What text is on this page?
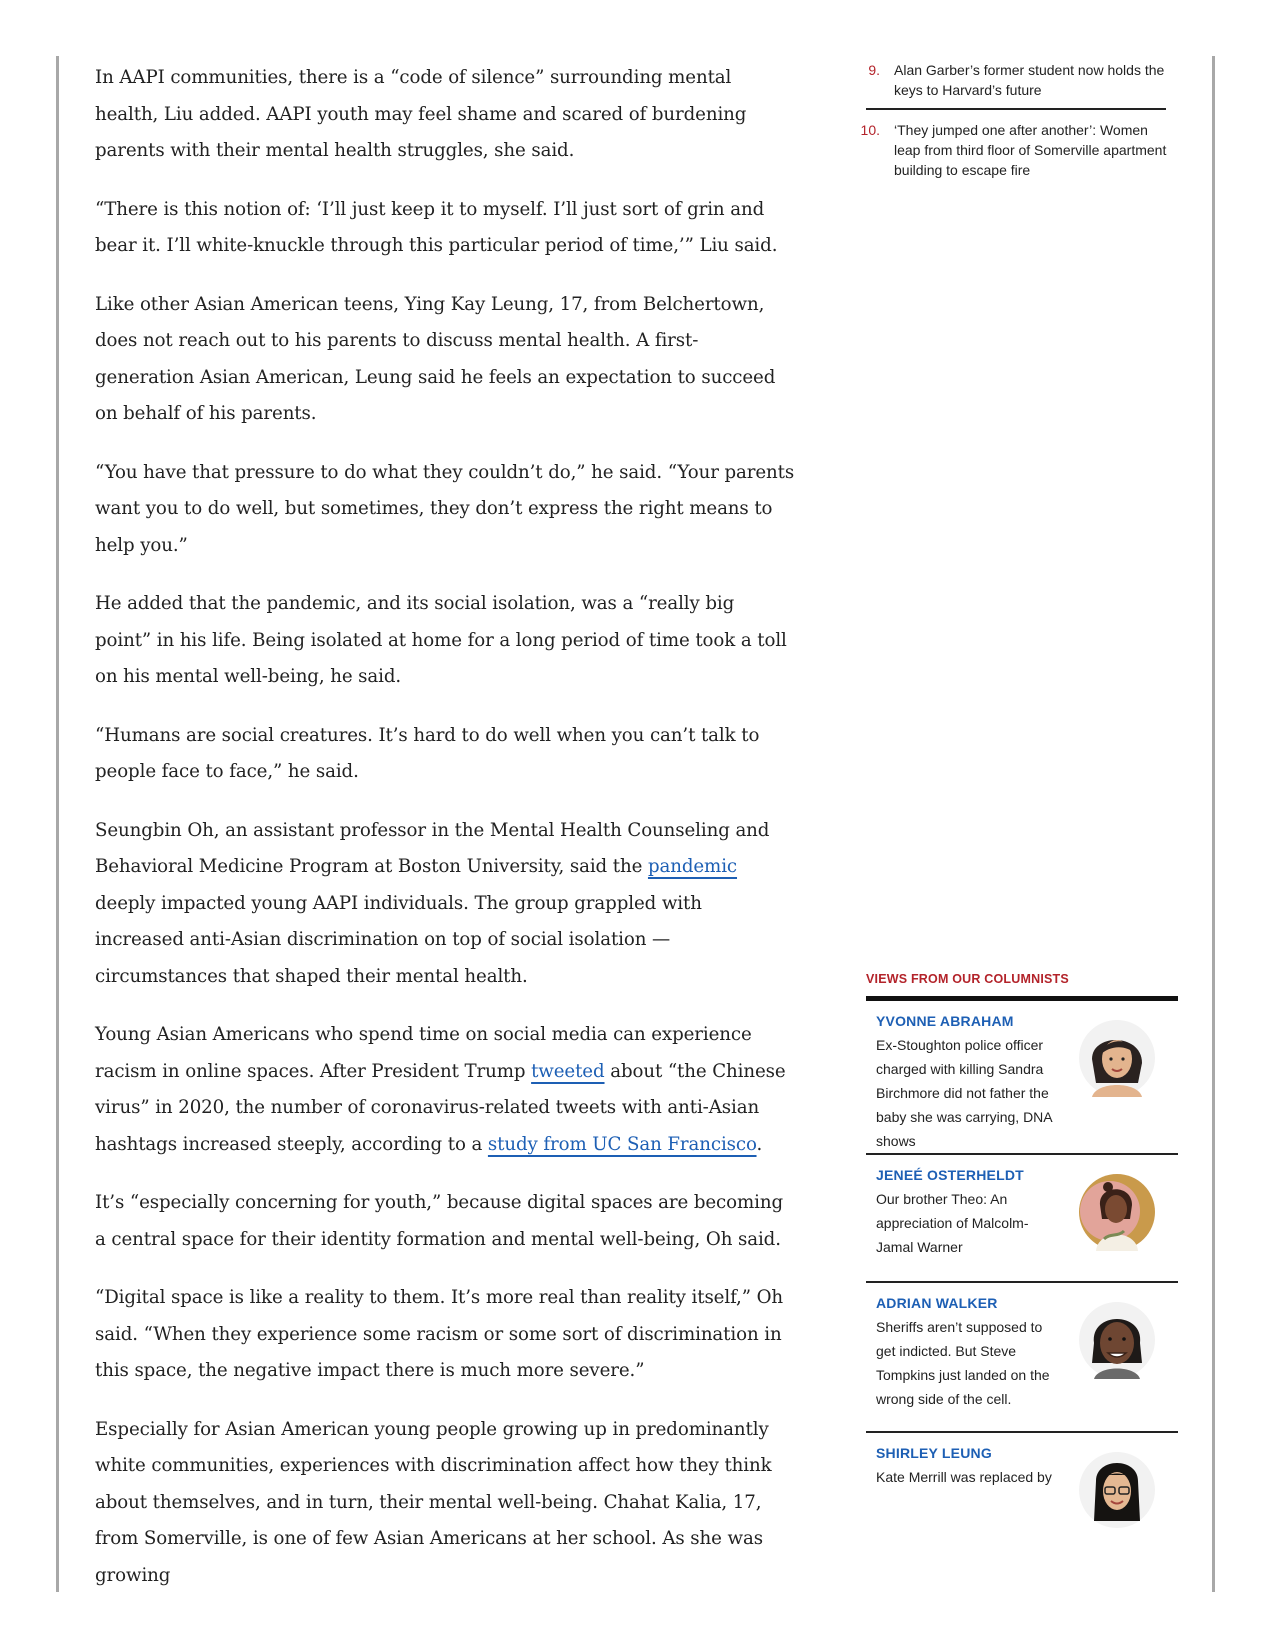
In AAPI communities, there is a “code of silence” surrounding mental health, Liu added. AAPI youth may feel shame and scared of burdening parents with their mental health struggles, she said.

“There is this notion of: ‘I’ll just keep it to myself. I’ll just sort of grin and bear it. I’ll white-knuckle through this particular period of time,’” Liu said.

Like other Asian American teens, Ying Kay Leung, 17, from Belchertown, does not reach out to his parents to discuss mental health. A first-generation Asian American, Leung said he feels an expectation to succeed on behalf of his parents.

“You have that pressure to do what they couldn’t do,” he said. “Your parents want you to do well, but sometimes, they don’t express the right means to help you.”

He added that the pandemic, and its social isolation, was a “really big point” in his life. Being isolated at home for a long period of time took a toll on his mental well-being, he said.

“Humans are social creatures. It’s hard to do well when you can’t talk to people face to face,” he said.

Seungbin Oh, an assistant professor in the Mental Health Counseling and Behavioral Medicine Program at Boston University, said the pandemic deeply impacted young AAPI individuals. The group grappled with increased anti-Asian discrimination on top of social isolation — circumstances that shaped their mental health.

Young Asian Americans who spend time on social media can experience racism in online spaces. After President Trump tweeted about “the Chinese virus” in 2020, the number of coronavirus-related tweets with anti-Asian hashtags increased steeply, according to a study from UC San Francisco.

It’s “especially concerning for youth,” because digital spaces are becoming a central space for their identity formation and mental well-being, Oh said.

“Digital space is like a reality to them. It’s more real than reality itself,” Oh said. “When they experience some racism or some sort of discrimination in this space, the negative impact there is much more severe.”

Especially for Asian American young people growing up in predominantly white communities, experiences with discrimination affect how they think about themselves, and in turn, their mental well-being. Chahat Kalia, 17, from Somerville, is one of few Asian Americans at her school. As she was growing

9.	Alan Garber’s former student now holds the keys to Harvard’s future
10.	‘They jumped one after another’: Women leap from third floor of Somerville apartment building to escape fire
VIEWS FROM OUR COLUMNISTS
YVONNE ABRAHAM
Ex-Stoughton police officer charged with killing Sandra Birchmore did not father the baby she was carrying, DNA shows
JENEÉ OSTERHELDT
Our brother Theo: An appreciation of Malcolm-Jamal Warner
ADRIAN WALKER
Sheriffs aren’t supposed to get indicted. But Steve Tompkins just landed on the wrong side of the cell.
SHIRLEY LEUNG
Kate Merrill was replaced by
